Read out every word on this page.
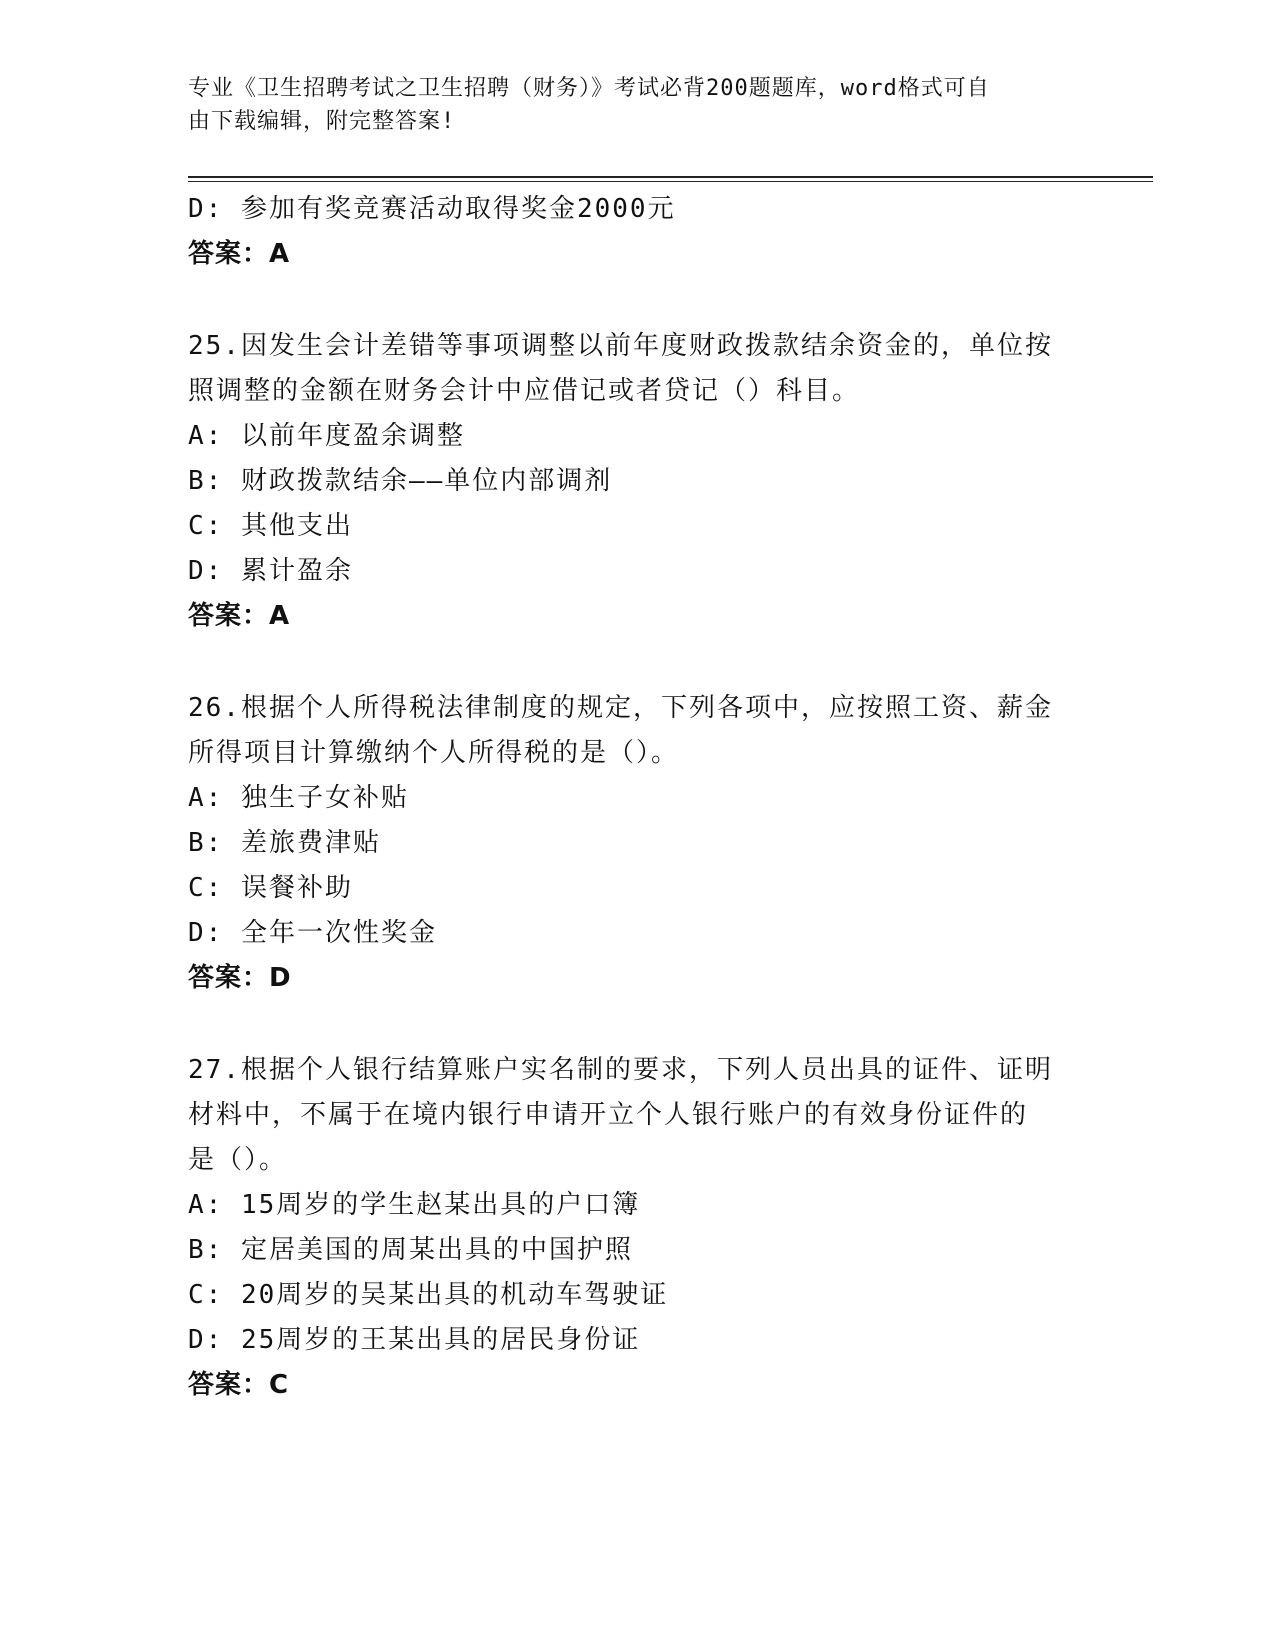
专业《卫生招聘考试之卫生招聘（财务）》考试必背200题题库，word格式可自
由下载编辑，附完整答案!
D: 参加有奖竞赛活动取得奖金2000元
答案：A
25.因发生会计差错等事项调整以前年度财政拨款结余资金的，单位按
照调整的金额在财务会计中应借记或者贷记（）科目。
A: 以前年度盈余调整
B: 财政拨款结余——单位内部调剂
C: 其他支出
D: 累计盈余
答案：A
26.根据个人所得税法律制度的规定，下列各项中，应按照工资、薪金
所得项目计算缴纳个人所得税的是（）。
A: 独生子女补贴
B: 差旅费津贴
C: 误餐补助
D: 全年一次性奖金
答案：D
27.根据个人银行结算账户实名制的要求，下列人员出具的证件、证明
材料中，不属于在境内银行申请开立个人银行账户的有效身份证件的
是（）。
A: 15周岁的学生赵某出具的户口簿
B: 定居美国的周某出具的中国护照
C: 20周岁的吴某出具的机动车驾驶证
D: 25周岁的王某出具的居民身份证
答案：C
